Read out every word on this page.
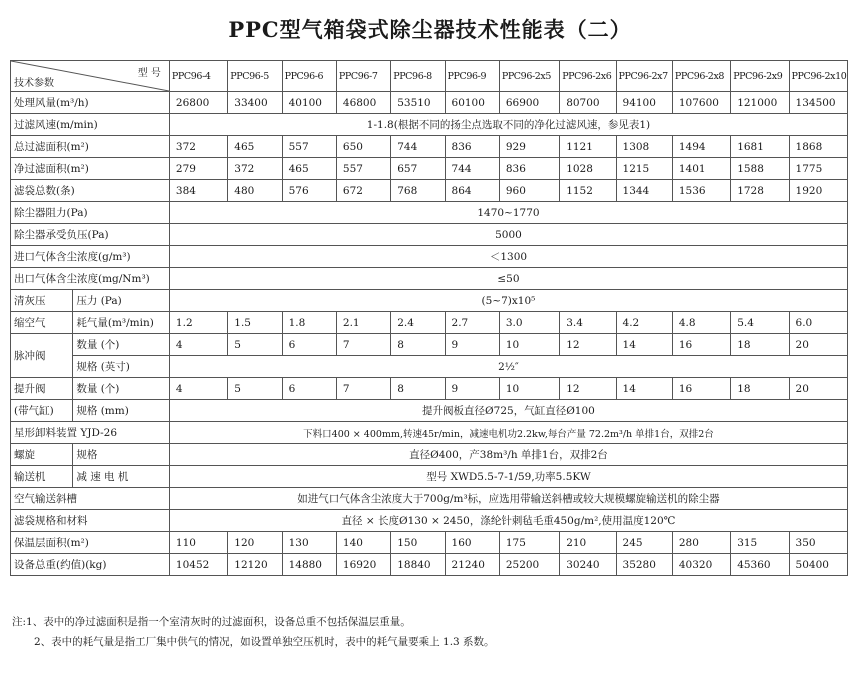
PPC型气箱袋式除尘器技术性能表（二）
型 号
技术参数		PPC96-4	PPC96-5	PPC96-6	PPC96-7	PPC96-8	PPC96-9	PPC96-2x5	PPC96-2x6	PPC96-2x7	PPC96-2x8	PPC96-2x9	PPC96-2x10
处理风量(m³/h)		26800	33400	40100	46800	53510	60100	66900	80700	94100	107600	121000	134500
过滤风速(m/min)		1-1.8(根据不同的扬尘点选取不同的净化过滤风速，参见表1)											
总过滤面积(m²)		372	465	557	650	744	836	929	1121	1308	1494	1681	1868
净过滤面积(m²)		279	372	465	557	657	744	836	1028	1215	1401	1588	1775
滤袋总数(条)		384	480	576	672	768	864	960	1152	1344	1536	1728	1920
除尘器阻力(Pa)		1470~1770											
除尘器承受负压(Pa)		5000											
进口气体含尘浓度(g/m³)		＜1300											
出口气体含尘浓度(mg/Nm³)		≤50											
清灰压	压力 (Pa)	(5~7)x10⁵											
缩空气	耗气量(m³/min)	1.2	1.5	1.8	2.1	2.4	2.7	3.0	3.4	4.2	4.8	5.4	6.0
脉冲阀	数量 (个)	4	5	6	7	8	9	10	12	14	16	18	20
	规格 (英寸)	2½″											
提升阀	数量 (个)	4	5	6	7	8	9	10	12	14	16	18	20
(带气缸)	规格 (mm)	提升阀板直径Ø725，气缸直径Ø100											
星形卸料装置 YJD-26		下料口400 × 400mm,转速45r/min，减速电机功2.2kw,每台产量 72.2m³/h 单排1台，双排2台											
螺旋	规格	直径Ø400，产38m³/h 单排1台，双排2台											
输送机	减 速 电 机	型号 XWD5.5-7-1/59,功率5.5KW											
空气输送斜槽		如进气口气体含尘浓度大于700g/m³标，应选用带输送斜槽或较大规模螺旋输送机的除尘器											
滤袋规格和材料		直径 × 长度Ø130 × 2450，涤纶针刺毡毛重450g/m²,使用温度120℃											
保温层面积(m²)		110	120	130	140	150	160	175	210	245	280	315	350
设备总重(约值)(kg)		10452	12120	14880	16920	18840	21240	25200	30240	35280	40320	45360	50400
注:1、表中的净过滤面积是指一个室清灰时的过滤面积，设备总重不包括保温层重量。
2、表中的耗气量是指工厂集中供气的情况，如设置单独空压机时，表中的耗气量要乘上 1.3 系数。
